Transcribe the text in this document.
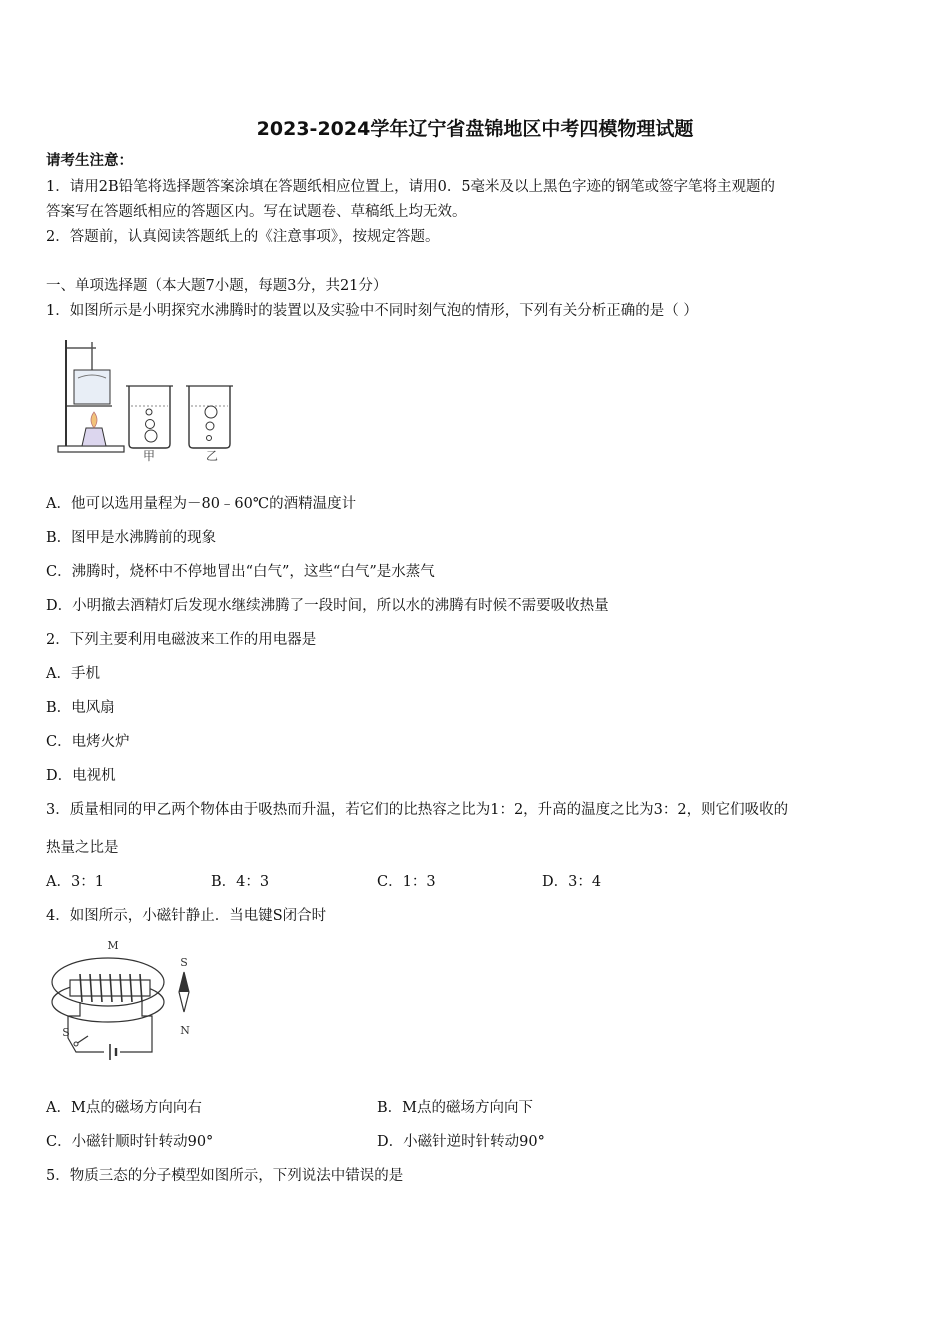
2023-2024学年辽宁省盘锦地区中考四模物理试题
请考生注意：
1．请用2B铅笔将选择题答案涂填在答题纸相应位置上，请用0．5毫米及以上黑色字迹的钢笔或签字笔将主观题的
答案写在答题纸相应的答题区内。写在试题卷、草稿纸上均无效。
2．答题前，认真阅读答题纸上的《注意事项》，按规定答题。
一、单项选择题（本大题7小题，每题3分，共21分）
1．如图所示是小明探究水沸腾时的装置以及实验中不同时刻气泡的情形，下列有关分析正确的是（ ）
甲	乙
A．他可以选用量程为－80﹣60℃的酒精温度计
B．图甲是水沸腾前的现象
C．沸腾时，烧杯中不停地冒出“白气”，这些“白气”是水蒸气
D．小明撤去酒精灯后发现水继续沸腾了一段时间，所以水的沸腾有时候不需要吸收热量
2．下列主要利用电磁波来工作的用电器是
A．手机
B．电风扇
C．电烤火炉
D．电视机
3．质量相同的甲乙两个物体由于吸热而升温，若它们的比热容之比为1：2，升高的温度之比为3：2，则它们吸收的
热量之比是
A．3：1	B．4：3	C．1：3	D．3：4
4．如图所示，小磁针静止．当电键S闭合时
M
S
N
S
A．M点的磁场方向向右	B．M点的磁场方向向下
C．小磁针顺时针转动90°	D．小磁针逆时针转动90°
5．物质三态的分子模型如图所示，下列说法中错误的是
